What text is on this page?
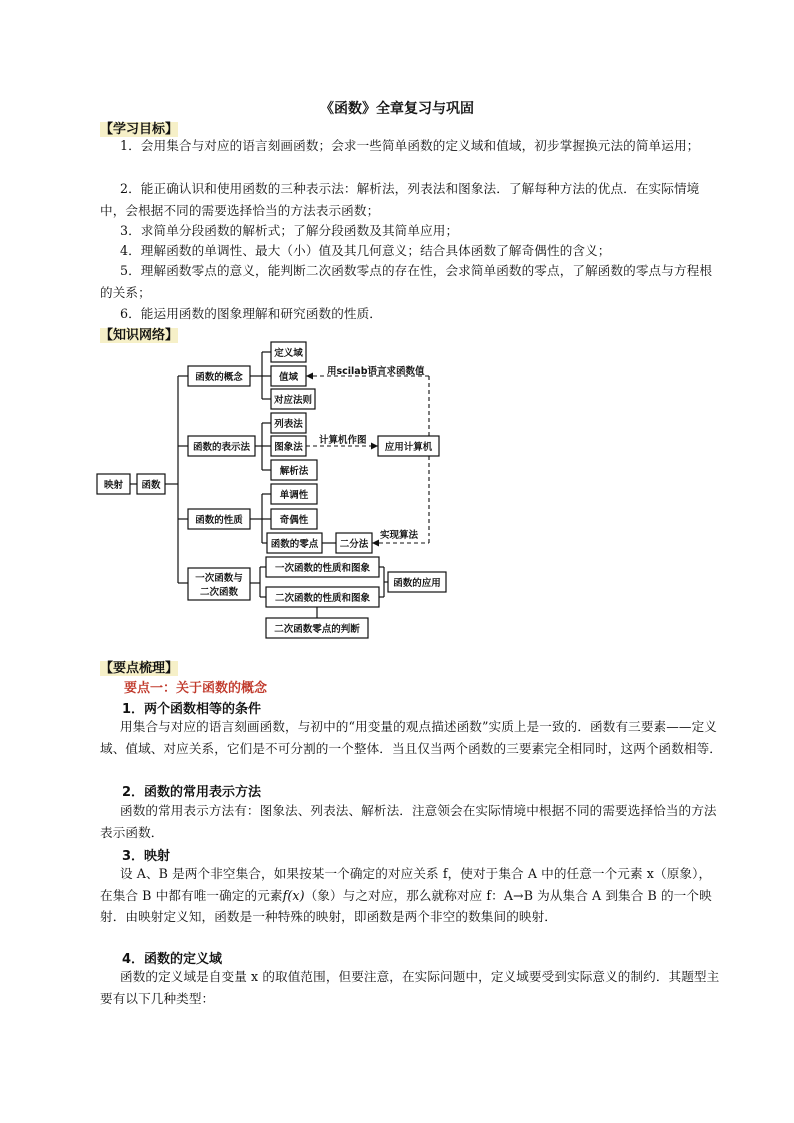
《函数》全章复习与巩固
【学习目标】
1．会用集合与对应的语言刻画函数；会求一些简单函数的定义域和值域，初步掌握换元法的简单运用；
2．能正确认识和使用函数的三种表示法：解析法，列表法和图象法．了解每种方法的优点．在实际情境中，会根据不同的需要选择恰当的方法表示函数；
3．求简单分段函数的解析式；了解分段函数及其简单应用；
4．理解函数的单调性、最大（小）值及其几何意义；结合具体函数了解奇偶性的含义；
5．理解函数零点的意义，能判断二次函数零点的存在性，会求简单函数的零点，了解函数的零点与方程根的关系；
6．能运用函数的图象理解和研究函数的性质．
【知识网络】
映射 函数
函数的概念
定义域
值域
对应法则
函数的表示法
列表法
图象法
解析法
函数的性质
单调性
奇偶性
函数的零点 二分法
一次函数与
二次函数
一次函数的性质和图象
二次函数的性质和图象
二次函数零点的判断
函数的应用
应用计算机
用scilab语言求函数值
计算机作图
实现算法
【要点梳理】
要点一：关于函数的概念
1．两个函数相等的条件
用集合与对应的语言刻画函数，与初中的“用变量的观点描述函数”实质上是一致的．函数有三要素——定义域、值域、对应关系，它们是不可分割的一个整体．当且仅当两个函数的三要素完全相同时，这两个函数相等．
2．函数的常用表示方法
函数的常用表示方法有：图象法、列表法、解析法．注意领会在实际情境中根据不同的需要选择恰当的方法表示函数．
3．映射
设 A、B 是两个非空集合，如果按某一个确定的对应关系 f，使对于集合 A 中的任意一个元素 x（原象），在集合 B 中都有唯一确定的元素f(x)（象）与之对应，那么就称对应 f：A→B 为从集合 A 到集合 B 的一个映射．由映射定义知，函数是一种特殊的映射，即函数是两个非空的数集间的映射．
4．函数的定义域
函数的定义域是自变量 x 的取值范围，但要注意，在实际问题中，定义域要受到实际意义的制约．其题型主要有以下几种类型：
